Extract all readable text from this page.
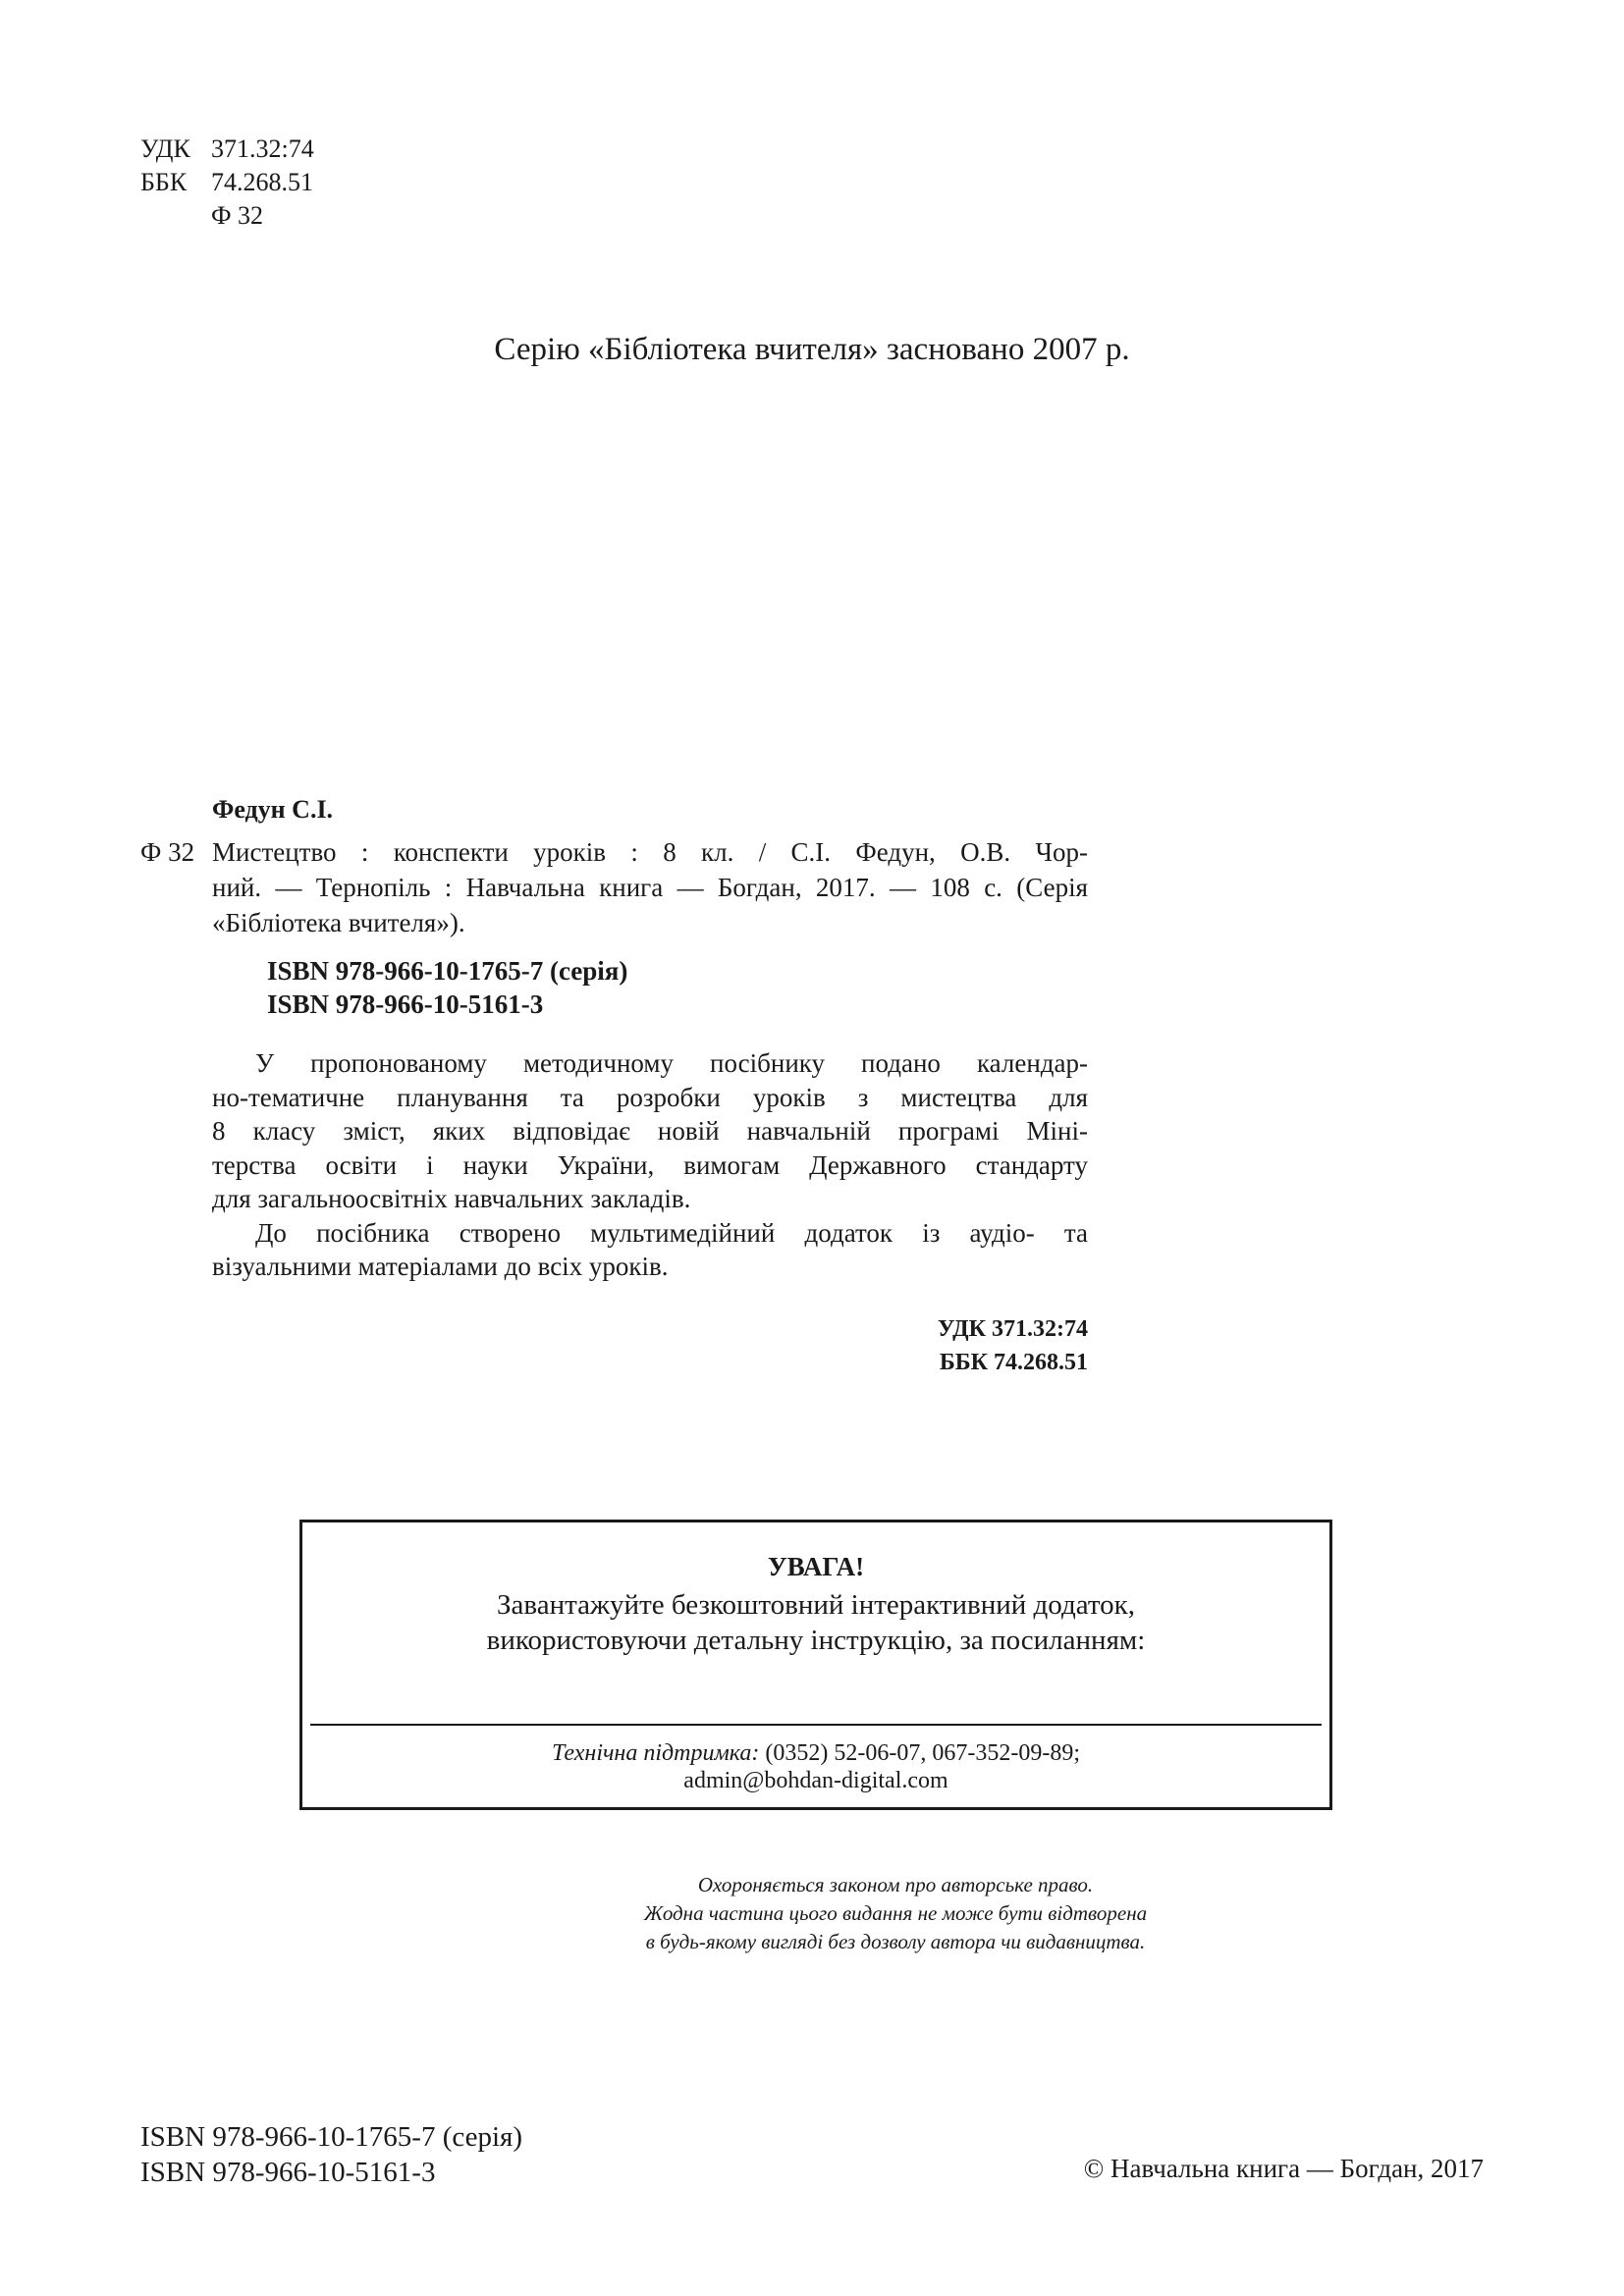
УДК 371.32:74
ББК 74.268.51
Ф 32
Серію «Бібліотека вчителя» засновано 2007 р.
Федун С.І.
Ф 32 Мистецтво : конспекти уроків : 8 кл. / С.І. Федун, О.В. Чор-
ний. — Тернопіль : Навчальна книга — Богдан, 2017. — 108 с. (Серія
«Бібліотека вчителя»).
ISBN 978-966-10-1765-7 (серія)
ISBN 978-966-10-5161-3
У пропонованому методичному посібнику подано календар-
но-тематичне планування та розробки уроків з мистецтва для
8 класу зміст, яких відповідає новій навчальній програмі Міні-
терства освіти і науки України, вимогам Державного стандарту
для загальноосвітніх навчальних закладів.
До посібника створено мультимедійний додаток із аудіо- та
візуальними матеріалами до всіх уроків.
УДК 371.32:74
ББК 74.268.51
УВАГА!
Завантажуйте безкоштовний інтерактивний додаток,
використовуючи детальну інструкцію, за посиланням:
Технічна підтримка: (0352) 52-06-07, 067-352-09-89;
admin@bohdan-digital.com
Охороняється законом про авторське право.
Жодна частина цього видання не може бути відтворена
в будь-якому вигляді без дозволу автора чи видавництва.
ISBN 978-966-10-1765-7 (серія)
ISBN 978-966-10-5161-3	© Навчальна книга — Богдан, 2017
